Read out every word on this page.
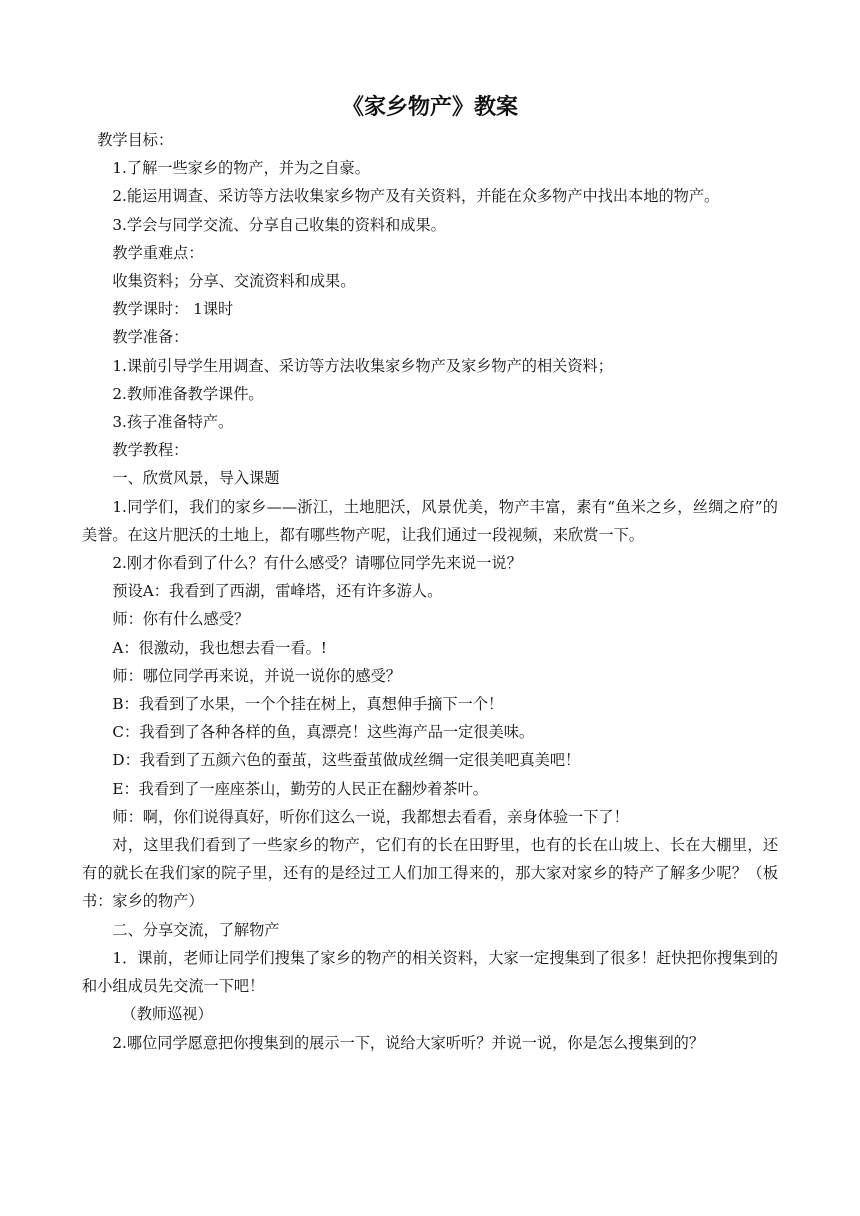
《家乡物产》教案

教学目标：

1.了解一些家乡的物产，并为之自豪。

2.能运用调查、采访等方法收集家乡物产及有关资料，并能在众多物产中找出本地的物产。

3.学会与同学交流、分享自己收集的资料和成果。

教学重难点：

收集资料；分享、交流资料和成果。

教学课时： 1课时

教学准备：

1.课前引导学生用调查、采访等方法收集家乡物产及家乡物产的相关资料；

2.教师准备教学课件。

3.孩子准备特产。

教学教程：

一、欣赏风景，导入课题

1.同学们，我们的家乡——浙江，土地肥沃，风景优美，物产丰富，素有“鱼米之乡，丝绸之府”的美誉。在这片肥沃的土地上，都有哪些物产呢，让我们通过一段视频，来欣赏一下。

2.刚才你看到了什么？有什么感受？请哪位同学先来说一说？

预设A：我看到了西湖，雷峰塔，还有许多游人。

师：你有什么感受？

A：很激动，我也想去看一看。!

师：哪位同学再来说，并说一说你的感受？

B：我看到了水果，一个个挂在树上，真想伸手摘下一个！

C：我看到了各种各样的鱼，真漂亮！这些海产品一定很美味。

D：我看到了五颜六色的蚕茧，这些蚕茧做成丝绸一定很美吧真美吧！

E：我看到了一座座茶山，勤劳的人民正在翻炒着茶叶。

师：啊，你们说得真好，听你们这么一说，我都想去看看，亲身体验一下了！

对，这里我们看到了一些家乡的物产，它们有的长在田野里，也有的长在山坡上、长在大棚里，还有的就长在我们家的院子里，还有的是经过工人们加工得来的，那大家对家乡的特产了解多少呢？（板书：家乡的物产）

二、分享交流，了解物产

1．课前，老师让同学们搜集了家乡的物产的相关资料，大家一定搜集到了很多！赶快把你搜集到的和小组成员先交流一下吧！

（教师巡视）

2.哪位同学愿意把你搜集到的展示一下，说给大家听听？并说一说，你是怎么搜集到的？
